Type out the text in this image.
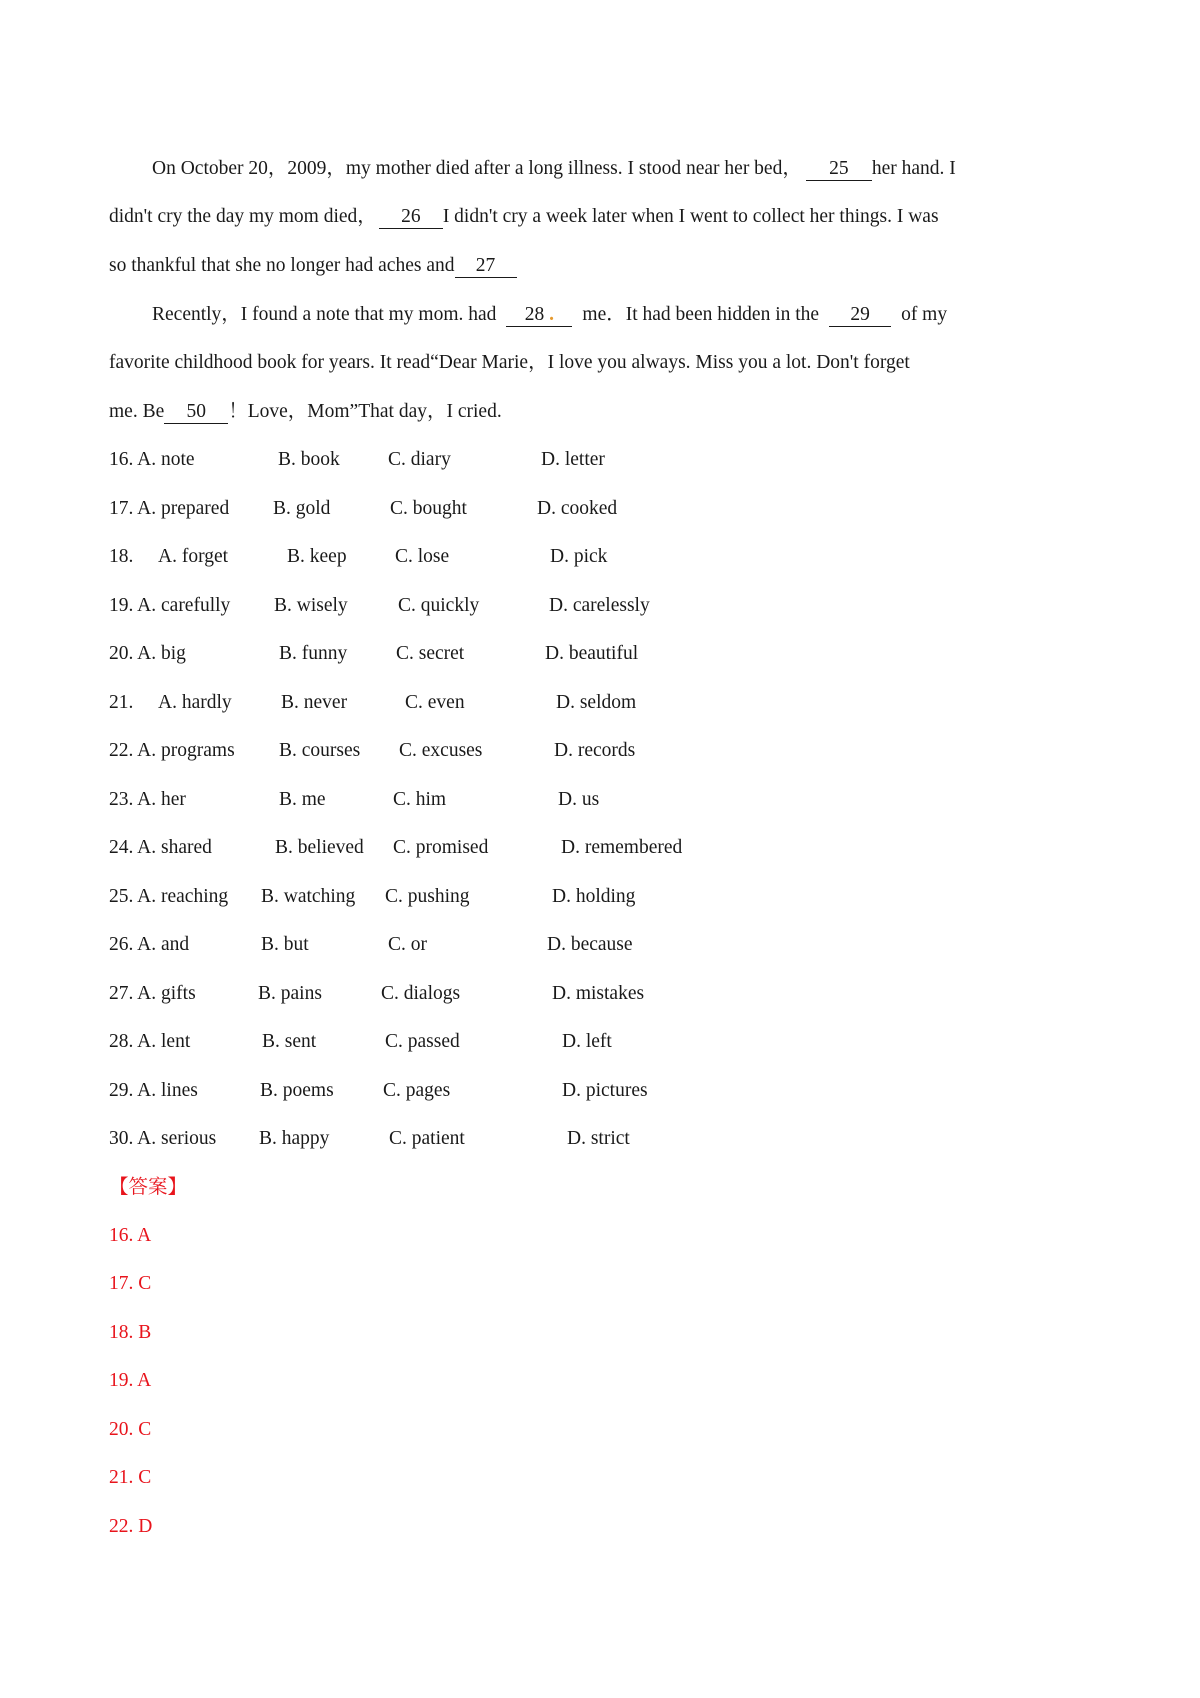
On October 20，2009，my mother died after a long illness. I stood near her bed， 25 her hand. I
didn't cry the day my mom died， 26 I didn't cry a week later when I went to collect her things. I was
so thankful that she no longer had aches and 27
Recently，I found a note that my mom. had 28 . me．It had been hidden in the 29 of my
favorite childhood book for years. It read“Dear Marie，I love you always. Miss you a lot. Don't forget
me. Be 50 ！Love，Mom”That day，I cried.
16. A. note	B. book C. diary	D. letter
17. A. prepared B. gold	C. bought	D. cooked
18. A. forget	B. keep C. lose	D. pick
19. A. carefully B. wisely	C. quickly	D. carelessly
20. A. big	B. funny	C. secret	D. beautiful
21. A. hardly	B. never	C. even	D. seldom
22. A. programs B. courses C. excuses	D. records
23. A. her	B. me	C. him	D. us
24. A. shared	B. believed C. promised	D. remembered
25. A. reaching B. watching C. pushing	D. holding
26. A. and	B. but	C. or	D. because
27. A. gifts	B. pains	C. dialogs	D. mistakes
28. A. lent	B. sent	C. passed	D. left
29. A. lines	B. poems	C. pages	D. pictures
30. A. serious B. happy	C. patient	D. strict
【答案】
16. A
17. C
18. B
19. A
20. C
21. C
22. D
